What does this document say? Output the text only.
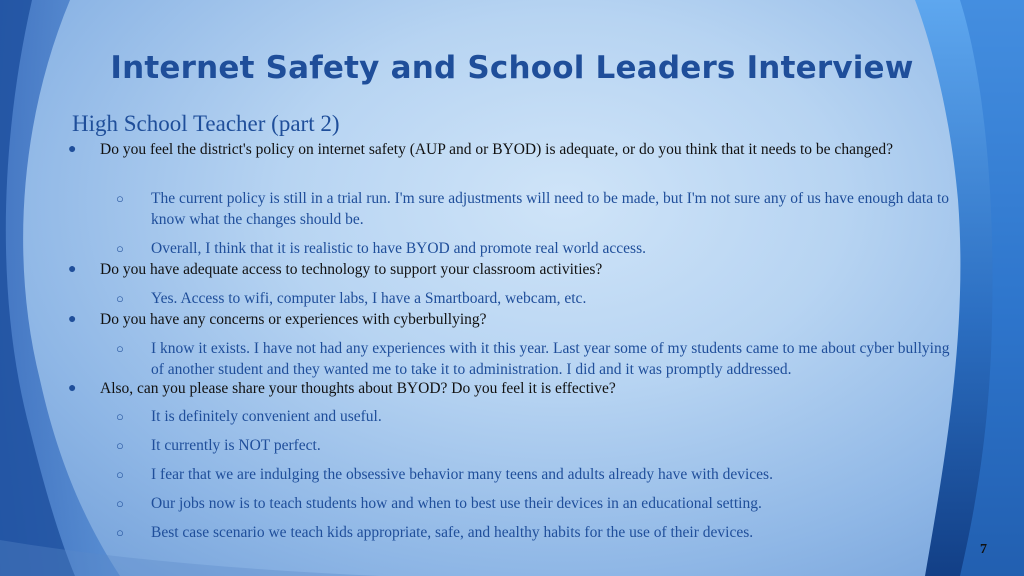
Internet Safety and School Leaders Interview
High School Teacher (part 2)
● Do you feel the district's policy on internet safety (AUP and or BYOD) is adequate, or do you think that it needs to be changed?
○ The current policy is still in a trial run. I'm sure adjustments will need to be made, but I'm not sure any of us have enough data to know what the changes should be.
○ Overall, I think that it is realistic to have BYOD and promote real world access.
● Do you have adequate access to technology to support your classroom activities?
○ Yes. Access to wifi, computer labs, I have a Smartboard, webcam, etc.
● Do you have any concerns or experiences with cyberbullying?
○ I know it exists. I have not had any experiences with it this year. Last year some of my students came to me about cyber bullying of another student and they wanted me to take it to administration. I did and it was promptly addressed.
● Also, can you please share your thoughts about BYOD? Do you feel it is effective?
○ It is definitely convenient and useful.
○ It currently is NOT perfect.
○ I fear that we are indulging the obsessive behavior many teens and adults already have with devices.
○ Our jobs now is to teach students how and when to best use their devices in an educational setting.
○ Best case scenario we teach kids appropriate, safe, and healthy habits for the use of their devices.
7
